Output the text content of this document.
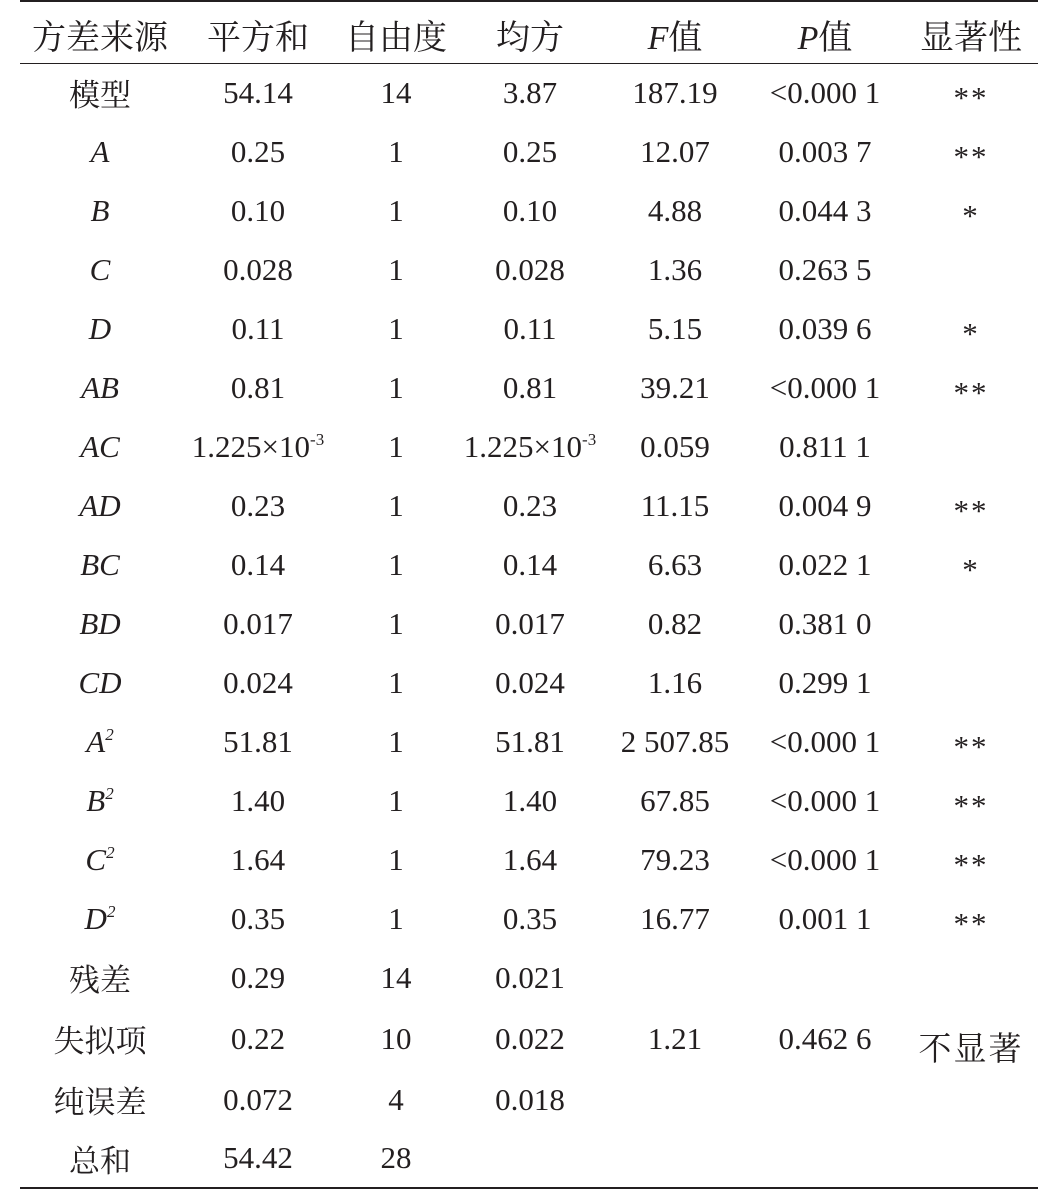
方差来源	平方和	自由度	均方	F值	P值	显著性
模型	54.14	14	3.87	187.19	<0.000 1	**
A	0.25	1	0.25	12.07	0.003 7	**
B	0.10	1	0.10	4.88	0.044 3	*
C	0.028	1	0.028	1.36	0.263 5	
D	0.11	1	0.11	5.15	0.039 6	*
AB	0.81	1	0.81	39.21	<0.000 1	**
AC	$1.225\times 10^{-3}$	1	$1.225\times 10^{-3}$	0.059	0.811 1	
AD	0.23	1	0.23	11.15	0.004 9	**
BC	0.14	1	0.14	6.63	0.022 1	*
BD	0.017	1	0.017	0.82	0.381 0	
CD	0.024	1	0.024	1.16	0.299 1	
$A^2$	51.81	1	51.81	2 507.85	<0.000 1	**
$B^2$	1.40	1	1.40	67.85	<0.000 1	**
$C^2$	1.64	1	1.64	79.23	<0.000 1	**
$D^2$	0.35	1	0.35	16.77	0.001 1	**
残差	0.29	14	0.021			
失拟项	0.22	10	0.022	1.21	0.462 6	不显著
纯误差	0.072	4	0.018			
总和	54.42	28				
